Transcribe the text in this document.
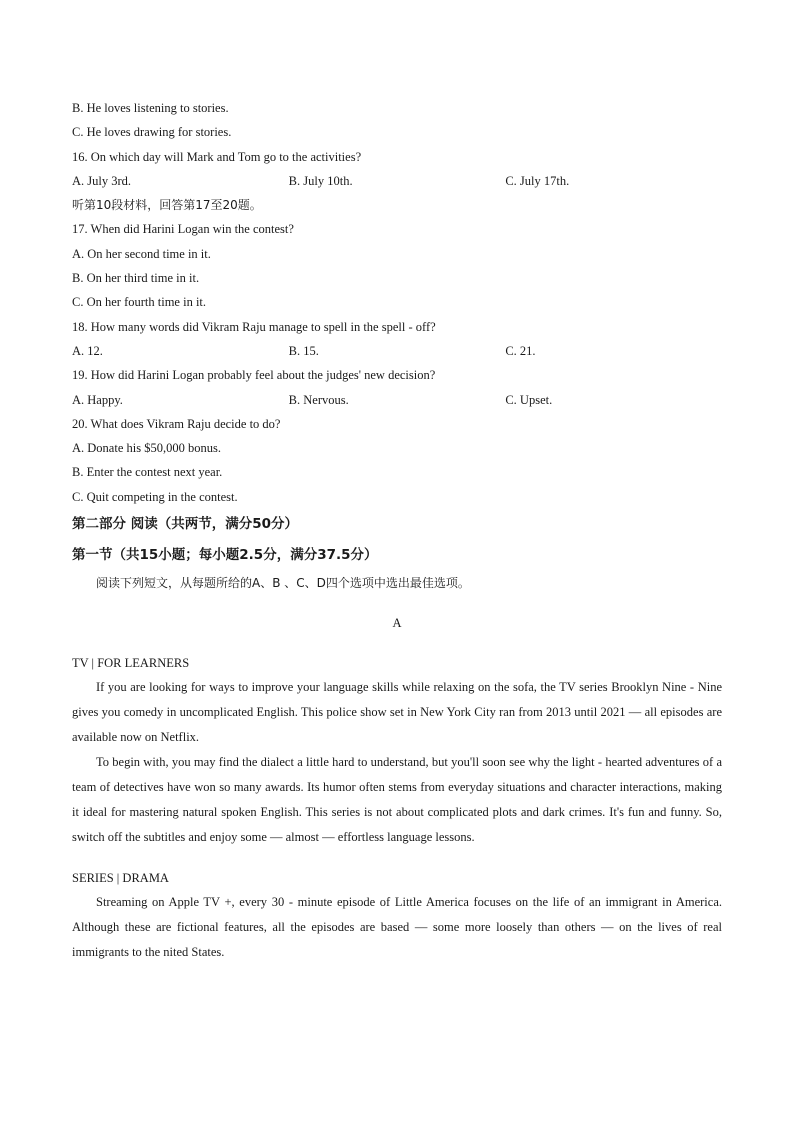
B. He loves listening to stories.
C. He loves drawing for stories.
16. On which day will Mark and Tom go to the activities?
A. July 3rd.	B. July 10th.	C. July 17th.
听第10段材料，回答第17至20题。
17. When did Harini Logan win the contest?
A. On her second time in it.
B. On her third time in it.
C. On her fourth time in it.
18. How many words did Vikram Raju manage to spell in the spell - off?
A. 12.	B. 15.	C. 21.
19. How did Harini Logan probably feel about the judges' new decision?
A. Happy.	B. Nervous.	C. Upset.
20. What does Vikram Raju decide to do?
A. Donate his $50,000 bonus.
B. Enter the contest next year.
C. Quit competing in the contest.
第二部分 阅读（共两节，满分50分）
第一节（共15小题；每小题2.5分，满分37.5分）
阅读下列短文，从每题所给的A、B 、C、D四个选项中选出最佳选项。
A
TV | FOR LEARNERS

If you are looking for ways to improve your language skills while relaxing on the sofa, the TV series Brooklyn Nine - Nine gives you comedy in uncomplicated English. This police show set in New York City ran from 2013 until 2021 — all episodes are available now on Netflix.

To begin with, you may find the dialect a little hard to understand, but you'll soon see why the light - hearted adventures of a team of detectives have won so many awards. Its humor often stems from everyday situations and character interactions, making it ideal for mastering natural spoken English. This series is not about complicated plots and dark crimes. It's fun and funny. So, switch off the subtitles and enjoy some — almost — effortless language lessons.

SERIES | DRAMA

Streaming on Apple TV +, every 30 - minute episode of Little America focuses on the life of an immigrant in America. Although these are fictional features, all the episodes are based — some more loosely than others — on the lives of real immigrants to the nited States.
